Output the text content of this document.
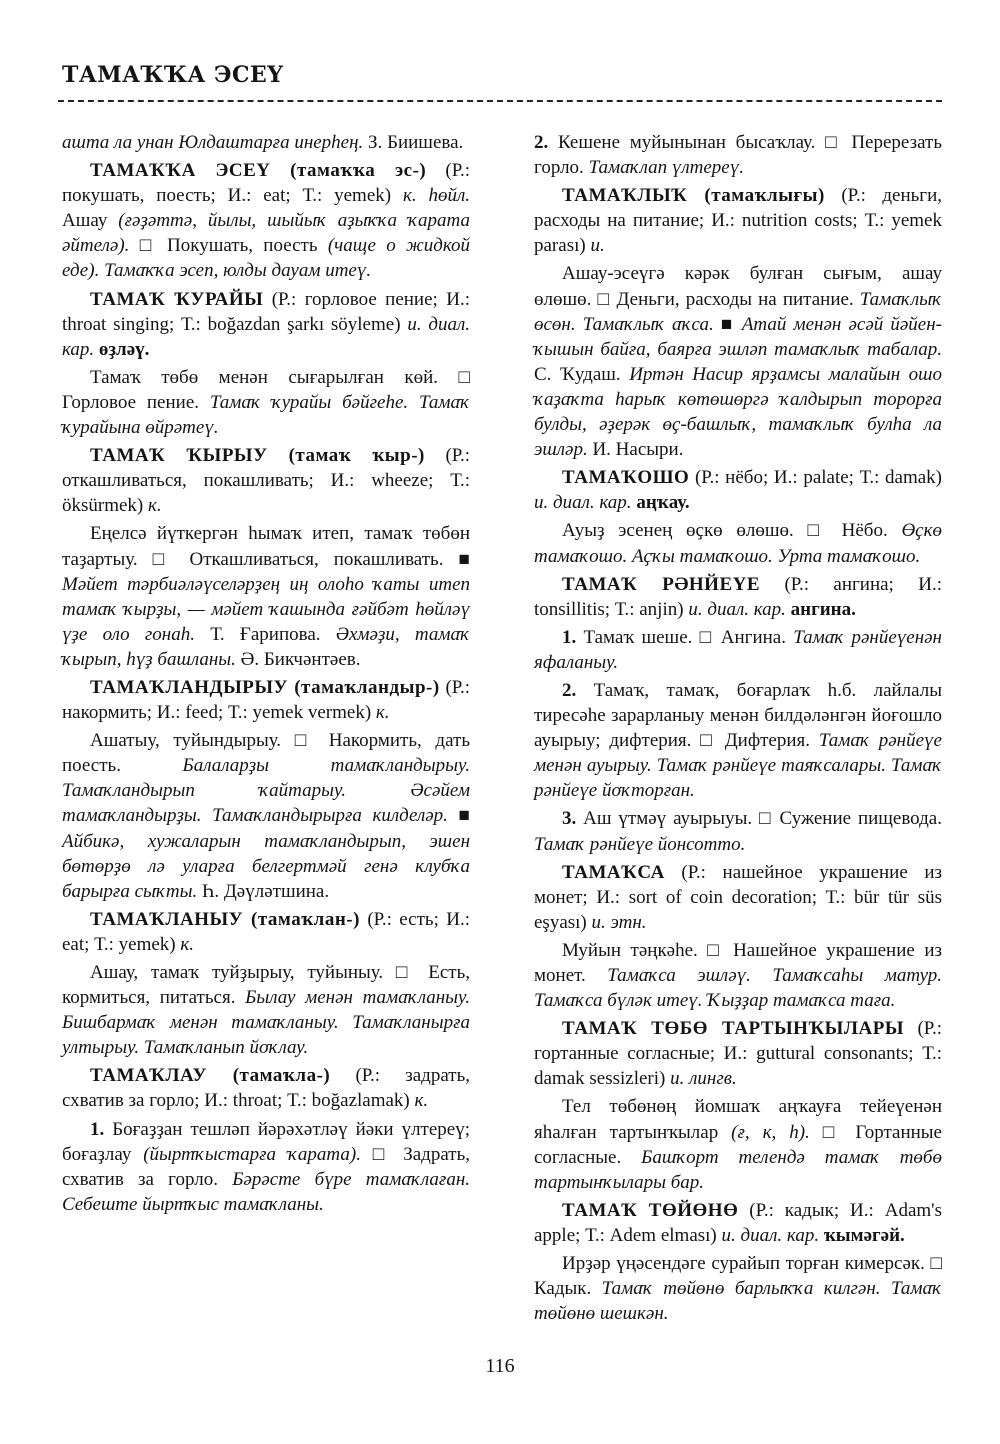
ТАМАҠҠА ЭСЕҮ

ашта ла унан Юлдаштарға инерһең. З. Биишева.

ТАМАҠҠА ЭСЕҮ (тамаҡҡа эс-) (Р.: покушать, поесть; И.: eat; Т.: yemek) к. һөйл. Ашау (ғәҙәттә, йылы, шыйыҡ аҙыҡҡа ҡарата әйтелә). □ Покушать, поесть (чаще о жидкой еде). Тамаҡҡа эсеп, юлды дауам итеү.

ТАМАҠ ҠУРАЙЫ (Р.: горловое пение; И.: throat singing; Т.: boğazdan şarkı söyleme) и. диал. кар. өҙләү.

Тамаҡ төбө менән сығарылған көй. □ Горловое пение. Тамаҡ ҡурайы бәйгеһе. Тамаҡ ҡурайына өйрәтеү.

ТАМАҠ ҠЫРЫУ (тамаҡ ҡыр-) (Р.: откашливаться, покашливать; И.: wheeze; Т.: öksürmek) к.

Еңелсә йүткергән һымаҡ итеп, тамаҡ төбөн таҙартыу. □ Откашливаться, покашливать. ■ Мәйет тәрбиәләүселәрҙең иң олоһо ҡаты итеп тамаҡ ҡырҙы, — мәйет ҡашында ғәйбәт һөйләү үҙе оло гонаһ. Т. Ғарипова. Әхмәҙи, тамаҡ ҡырып, һүҙ башланы. Ә. Бикчәнтәев.

ТАМАҠЛАНДЫРЫУ (тамаҡландыр-) (Р.: накормить; И.: feed; Т.: yemek vermek) к.

Ашатыу, туйындырыу. □ Накормить, дать поесть. Балаларҙы тамаҡландырыу. Тамаҡландырып ҡайтарыу. Әсәйем тамаҡландырҙы. Тамаҡландырырға килделәр. ■ Айбикә, хужаларын тамаҡландырып, эшен бөтөрҙө лә уларға белгертмәй генә клубҡа барырға сыҡты. Һ. Дәүләтшина.

ТАМАҠЛАНЫУ (тамаҡлан-) (Р.: есть; И.: eat; Т.: yemek) к.

Ашау, тамаҡ туйҙырыу, туйыныу. □ Есть, кормиться, питаться. Былау менән тамаҡланыу. Бишбармаҡ менән тамаҡланыу. Тамаҡланырға ултырыу. Тамаҡланып йоҡлау.

ТАМАҠЛАУ (тамаҡла-) (Р.: задрать, схватив за горло; И.: throat; Т.: boğazlamak) к.

1. Боғаҙҙан тешләп йәрәхәтләү йәки үлтереү; боғаҙлау (йыртҡыстарға ҡарата). □ Задрать, схватив за горло. Бәрәсте бүре тамаҡлаған. Себеште йыртҡыс тамаҡланы.

2. Кешене муйынынан бысаҡлау. □ Перерезать горло. Тамаҡлап үлтереү.

ТАМАҠЛЫҠ (тамаҡлығы) (Р.: деньги, расходы на питание; И.: nutrition costs; Т.: yemek parası) и.

Ашау-эсеүгә кәрәк булған сығым, ашау өлөшө. □ Деньги, расходы на питание. Тамаҡлыҡ өсөн. Тамаҡлыҡ аҡса. ■ Атай менән әсәй йәйен-ҡышын байға, баярға эшләп тамаҡлыҡ табалар. С. Ҡудаш. Иртән Насир ярҙамсы малайын ошо ҡаҙаҡта һарыҡ көтөшөргә ҡалдырып торорға булды, әҙерәк өҫ-башлыҡ, тамаҡлыҡ булһа ла эшләр. И. Насыри.

ТАМАҠОШО (Р.: нёбо; И.: palate; Т.: damak) и. диал. кар. аңҡау.

Ауыҙ эсенең өҫкө өлөшө. □ Нёбо. Өҫкө тамаҡошо. Аҫҡы тамаҡошо. Урта тамаҡошо.

ТАМАҠ РӘНЙЕҮЕ (Р.: ангина; И.: tonsillitis; Т.: anjin) и. диал. кар. ангина.

1. Тамаҡ шеше. □ Ангина. Тамаҡ рәнйеүенән яфаланыу.

2. Тамаҡ, тамаҡ, боғарлаҡ һ.б. лайлалы тиресәһе зарарланыу менән билдәләнгән йоғошло ауырыу; дифтерия. □ Дифтерия. Тамаҡ рәнйеүе менән ауырыу. Тамаҡ рәнйеүе таяҡсалары. Тамаҡ рәнйеүе йоҡторған.

3. Аш үтмәү ауырыуы. □ Сужение пищевода. Тамаҡ рәнйеүе йонсотто.

ТАМАҠСА (Р.: нашейное украшение из монет; И.: sort of coin decoration; Т.: bür tür süs eşyası) и. этн.

Муйын тәңкәһе. □ Нашейное украшение из монет. Тамаҡса эшләү. Тамаҡсаһы матур. Тамаҡса бүләк итеү. Ҡыҙҙар тамаҡса таға.

ТАМАҠ ТӨБӨ ТАРТЫНҠЫЛАРЫ (Р.: гортанные согласные; И.: guttural consonants; Т.: damak sessizleri) и. лингв.

Тел төбөнөң йомшаҡ аңҡауға тейеүенән яһалған тартынҡылар (ғ, к, һ). □ Гортанные согласные. Башҡорт телендә тамаҡ төбө тартынҡылары бар.

ТАМАҠ ТӨЙӨНӨ (Р.: кадык; И.: Adam's apple; Т.: Adem elması) и. диал. кар. ҡымәгәй.

Ирҙәр үңәсендәге сурайып торған кимерсәк. □ Кадык. Тамаҡ төйөнө барлыҡҡа килгән. Тамаҡ төйөнө шешкән.

116
